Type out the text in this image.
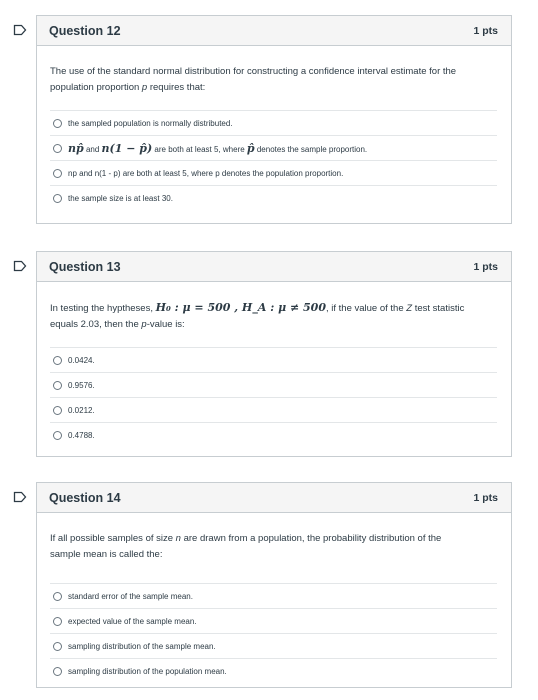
Question 12	1 pts
The use of the standard normal distribution for constructing a confidence interval estimate for the
population proportion p requires that:
the sampled population is normally distributed.
np̂ and n(1 − p̂) are both at least 5, where p̂ denotes the sample proportion.
np and n(1 - p) are both at least 5, where p denotes the population proportion.
the sample size is at least 30.
Question 13	1 pts
In testing the hyptheses, H₀ : μ = 500 , H_A : μ ≠ 500, if the value of the Z test statistic
equals 2.03, then the p-value is:
0.0424.
0.9576.
0.0212.
0.4788.
Question 14	1 pts
If all possible samples of size n are drawn from a population, the probability distribution of the
sample mean is called the:
standard error of the sample mean.
expected value of the sample mean.
sampling distribution of the sample mean.
sampling distribution of the population mean.
